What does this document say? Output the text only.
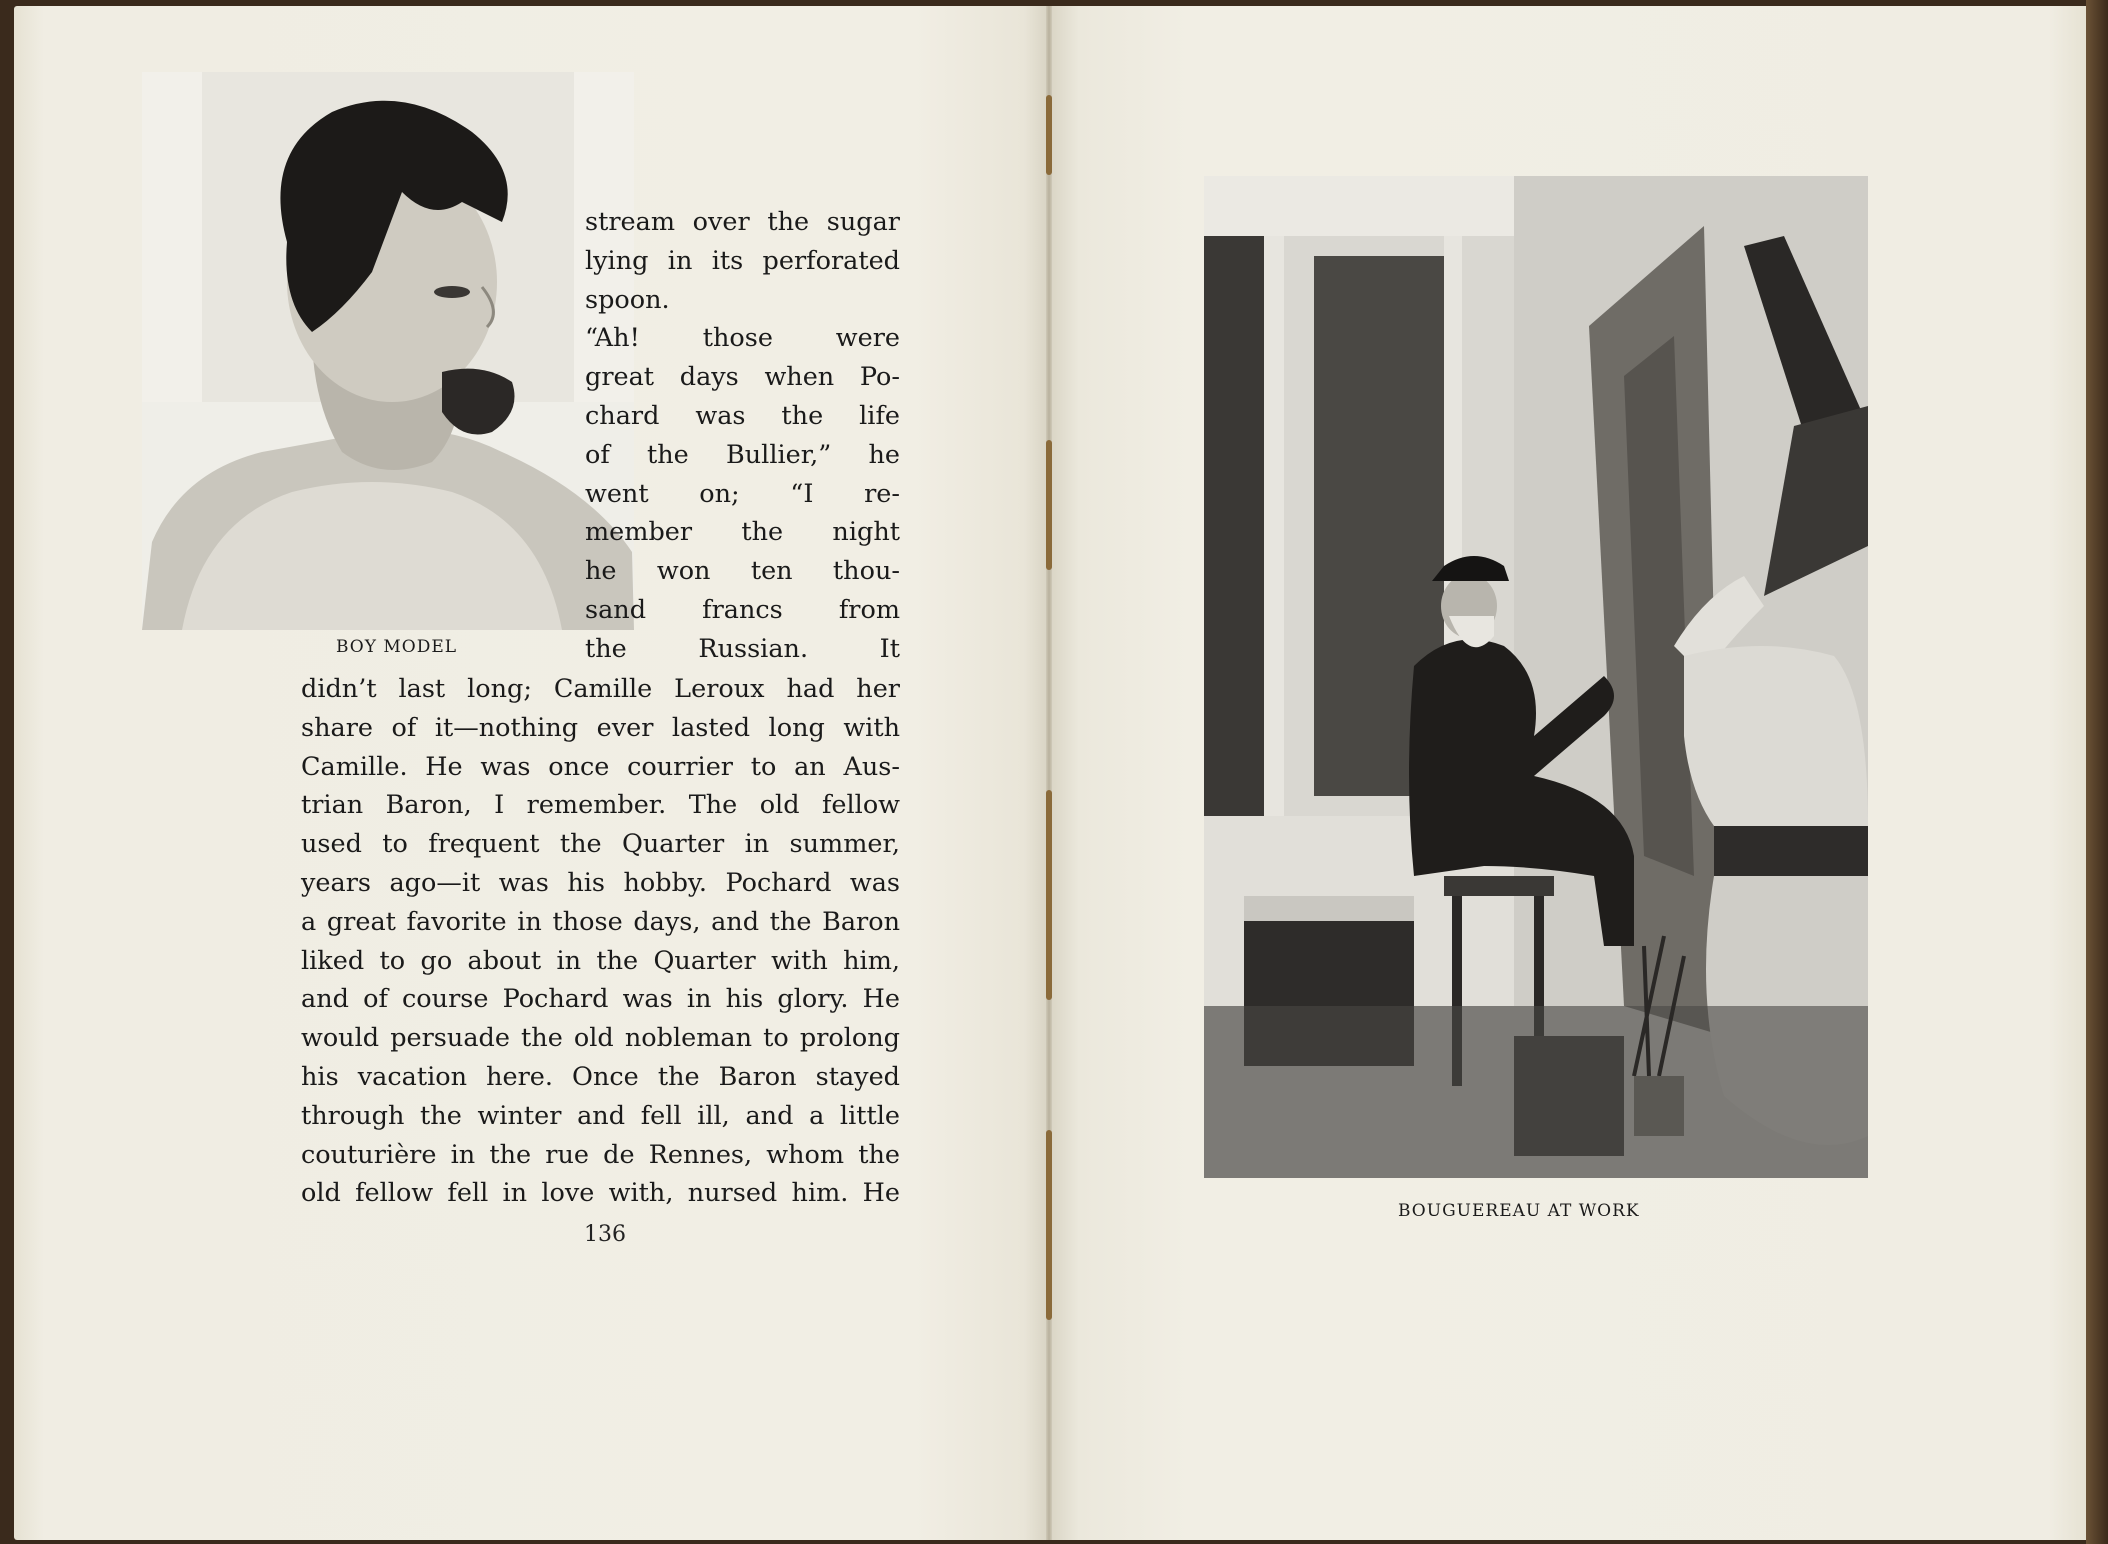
BOY MODEL
stream over the sugar
lying in its perforated
spoon.
“Ah! those were
great days when Po-
chard was the life
of the Bullier,” he
went on; “I re-
member the night
he won ten thou-
sand francs from
the Russian. It
didn’t last long; Camille Leroux had her
share of it—nothing ever lasted long with
Camille. He was once courrier to an Aus-
trian Baron, I remember. The old fellow
used to frequent the Quarter in summer,
years ago—it was his hobby. Pochard was
a great favorite in those days, and the Baron
liked to go about in the Quarter with him,
and of course Pochard was in his glory. He
would persuade the old nobleman to prolong
his vacation here. Once the Baron stayed
through the winter and fell ill, and a little
couturière in the rue de Rennes, whom the
old fellow fell in love with, nursed him. He
136
BOUGUEREAU AT WORK
